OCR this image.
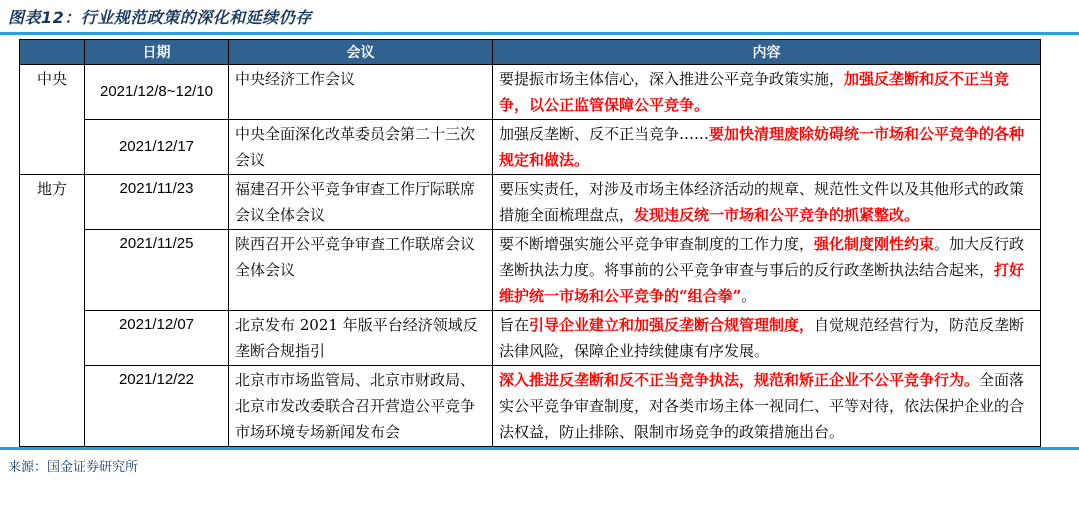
图表12：行业规范政策的深化和延续仍存
	日期	会议	内容
中央	2021/12/8~12/10	中央经济工作会议	要提振市场主体信心，深入推进公平竞争政策实施，加强反垄断和反不正当竞争，以公正监管保障公平竞争。
	2021/12/17	中央全面深化改革委员会第二十三次会议	加强反垄断、反不正当竞争……要加快清理废除妨碍统一市场和公平竞争的各种规定和做法。
地方	2021/11/23	福建召开公平竞争审查工作厅际联席会议全体会议	要压实责任，对涉及市场主体经济活动的规章、规范性文件以及其他形式的政策措施全面梳理盘点，发现违反统一市场和公平竞争的抓紧整改。
	2021/11/25	陕西召开公平竞争审查工作联席会议全体会议	要不断增强实施公平竞争审查制度的工作力度，强化制度刚性约束。加大反行政垄断执法力度。将事前的公平竞争审查与事后的反行政垄断执法结合起来，打好维护统一市场和公平竞争的“组合拳”。
	2021/12/07	北京发布 2021 年版平台经济领域反垄断合规指引	旨在引导企业建立和加强反垄断合规管理制度，自觉规范经营行为，防范反垄断法律风险，保障企业持续健康有序发展。
	2021/12/22	北京市市场监管局、北京市财政局、北京市发改委联合召开营造公平竞争市场环境专场新闻发布会	深入推进反垄断和反不正当竞争执法，规范和矫正企业不公平竞争行为。全面落实公平竞争审查制度，对各类市场主体一视同仁、平等对待，依法保护企业的合法权益，防止排除、限制市场竞争的政策措施出台。
来源：国金证券研究所
